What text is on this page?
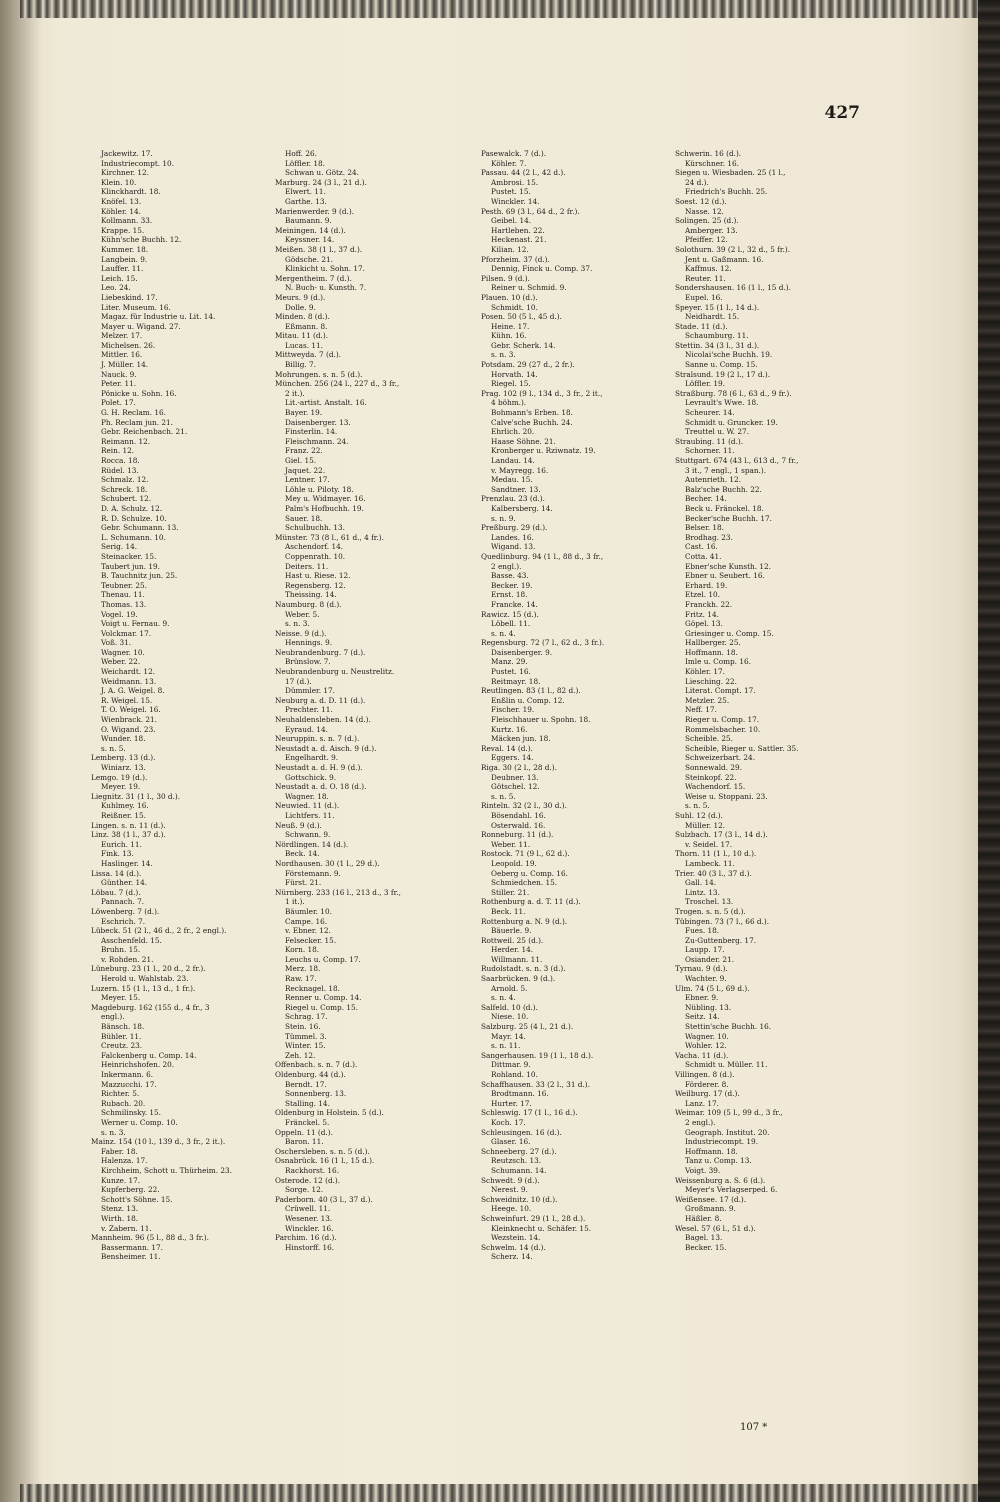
427
Jackewitz. 17.
Industriecompt. 10.
Kirchner. 12.
Klein. 10.
Klinckhardt. 18.
Knöfel. 13.
Köhler. 14.
Kollmann. 33.
Krappe. 15.
Kühn'sche Buchh. 12.
Kummer. 18.
Langbein. 9.
Lauffer. 11.
Leich. 15.
Leo. 24.
Liebeskind. 17.
Liter. Museum. 16.
Magaz. für Industrie u. Lit. 14.
Mayer u. Wigand. 27.
Melzer. 17.
Michelsen. 26.
Mittler. 16.
J. Müller. 14.
Nauck. 9.
Peter. 11.
Pönicke u. Sohn. 16.
Polet. 17.
G. H. Reclam. 16.
Ph. Reclam jun. 21.
Gebr. Reichenbach. 21.
Reimann. 12.
Rein. 12.
Rocca. 18.
Rüdel. 13.
Schmalz. 12.
Schreck. 18.
Schubert. 12.
D. A. Schulz. 12.
R. D. Schulze. 10.
Gebr. Schumann. 13.
L. Schumann. 10.
Serig. 14.
Steinacker. 15.
Taubert jun. 19.
B. Tauchnitz jun. 25.
Teubner. 25.
Thenau. 11.
Thomas. 13.
Vogel. 19.
Voigt u. Fernau. 9.
Volckmar. 17.
Voß. 31.
Wagner. 10.
Weber. 22.
Weichardt. 12.
Weidmann. 13.
J. A. G. Weigel. 8.
R. Weigel. 15.
T. O. Weigel. 16.
Wienbrack. 21.
O. Wigand. 23.
Wunder. 18.
s. n. 5.
Lemberg. 13 (d.).
Winiarz. 13.
Lemgo. 19 (d.).
Meyer. 19.
Liegnitz. 31 (1 l., 30 d.).
Kuhlmey. 16.
Reißner. 15.
Lingen. s. n. 11 (d.).
Linz. 38 (1 l., 37 d.).
Eurich. 11.
Fink. 13.
Haslinger. 14.
Lissa. 14 (d.).
Günther. 14.
Löbau. 7 (d.).
Pannach. 7.
Löwenberg. 7 (d.).
Eschrich. 7.
Lübeck. 51 (2 l., 46 d., 2 fr., 2 engl.).
Asschenfeld. 15.
Bruhn. 15.
v. Rohden. 21.
Lüneburg. 23 (1 l., 20 d., 2 fr.).
Herold u. Wahlstab. 23.
Luzern. 15 (1 l., 13 d., 1 fr.).
Meyer. 15.
Magdeburg. 162 (155 d., 4 fr., 3
engl.).
Bänsch. 18.
Bühler. 11.
Creutz. 23.
Falckenberg u. Comp. 14.
Heinrichshofen. 20.
Inkermann. 6.
Mazzucchi. 17.
Richter. 5.
Rubach. 20.
Schmilinsky. 15.
Werner u. Comp. 10.
s. n. 3.
Mainz. 154 (10 l., 139 d., 3 fr., 2 it.).
Faber. 18.
Halenza. 17.
Kirchheim, Schott u. Thürheim. 23.
Kunze. 17.
Kupferberg. 22.
Schott's Söhne. 15.
Stenz. 13.
Wirth. 18.
v. Zabern. 11.
Mannheim. 96 (5 l., 88 d., 3 fr.).
Bassermann. 17.
Bensheimer. 11.
Hoff. 26.
Löffler. 18.
Schwan u. Götz. 24.
Marburg. 24 (3 l., 21 d.).
Elwert. 11.
Garthe. 13.
Marienwerder. 9 (d.).
Baumann. 9.
Meiningen. 14 (d.).
Keyssner. 14.
Meißen. 38 (1 l., 37 d.).
Gödsche. 21.
Klinkicht u. Sohn. 17.
Mergentheim. 7 (d.).
N. Buch- u. Kunsth. 7.
Meurs. 9 (d.).
Dolle. 9.
Minden. 8 (d.).
Eßmann. 8.
Mitau. 11 (d.).
Lucas. 11.
Mittweyda. 7 (d.).
Billig. 7.
Mohrungen. s. n. 5 (d.).
München. 256 (24 l., 227 d., 3 fr.,
2 it.).
Lit.-artist. Anstalt. 16.
Bayer. 19.
Daisenberger. 13.
Finsterlin. 14.
Fleischmann. 24.
Franz. 22.
Giel. 15.
Jaquet. 22.
Lentner. 17.
Löhle u. Piloty. 18.
Mey u. Widmayer. 16.
Palm's Hofbuchh. 19.
Sauer. 18.
Schulbuchh. 13.
Münster. 73 (8 l., 61 d., 4 fr.).
Aschendorf. 14.
Coppenrath. 10.
Deiters. 11.
Hast u. Riese. 12.
Regensberg. 12.
Theissing. 14.
Naumburg. 8 (d.).
Weber. 5.
s. n. 3.
Neisse. 9 (d.).
Hennings. 9.
Neubrandenburg. 7 (d.).
Brünslow. 7.
Neubrandenburg u. Neustrelitz.
17 (d.).
Dümmler. 17.
Neuburg a. d. D. 11 (d.).
Prechter. 11.
Neuhaldensleben. 14 (d.).
Eyraud. 14.
Neuruppin. s. n. 7 (d.).
Neustadt a. d. Aisch. 9 (d.).
Engelhardt. 9.
Neustadt a. d. H. 9 (d.).
Gottschick. 9.
Neustadt a. d. O. 18 (d.).
Wagner. 18.
Neuwied. 11 (d.).
Lichtfers. 11.
Neuß. 9 (d.).
Schwann. 9.
Nördlingen. 14 (d.).
Beck. 14.
Nordhausen. 30 (1 l., 29 d.).
Förstemann. 9.
Fürst. 21.
Nürnberg. 233 (16 l., 213 d., 3 fr.,
1 it.).
Bäumler. 10.
Campe. 16.
v. Ebner. 12.
Felsecker. 15.
Korn. 18.
Leuchs u. Comp. 17.
Merz. 18.
Raw. 17.
Recknagel. 18.
Renner u. Comp. 14.
Riegel u. Comp. 15.
Schrag. 17.
Stein. 16.
Tümmel. 3.
Winter. 15.
Zeh. 12.
Offenbach. s. n. 7 (d.).
Oldenburg. 44 (d.).
Berndt. 17.
Sonnenberg. 13.
Stalling. 14.
Oldenburg in Holstein. 5 (d.).
Fränckel. 5.
Oppeln. 11 (d.).
Baron. 11.
Oschersleben. s. n. 5 (d.).
Osnabrück. 16 (1 l., 15 d.).
Rackhorst. 16.
Osterode. 12 (d.).
Sorge. 12.
Paderborn. 40 (3 l., 37 d.).
Crüwell. 11.
Wesener. 13.
Winckler. 16.
Parchim. 16 (d.).
Hinstorff. 16.
Pasewalck. 7 (d.).
Köhler. 7.
Passau. 44 (2 l., 42 d.).
Ambrosi. 15.
Pustet. 15.
Winckler. 14.
Pesth. 69 (3 l., 64 d., 2 fr.).
Geibel. 14.
Hartleben. 22.
Heckenast. 21.
Kilian. 12.
Pforzheim. 37 (d.).
Dennig, Finck u. Comp. 37.
Pilsen. 9 (d.).
Reiner u. Schmid. 9.
Plauen. 10 (d.).
Schmidt. 10.
Posen. 50 (5 l., 45 d.).
Heine. 17.
Kühn. 16.
Gebr. Scherk. 14.
s. n. 3.
Potsdam. 29 (27 d., 2 fr.).
Horvath. 14.
Riegel. 15.
Prag. 102 (9 l., 134 d., 3 fr., 2 it.,
4 böhm.).
Bohmann's Erben. 18.
Calve'sche Buchh. 24.
Ehrlich. 20.
Haase Söhne. 21.
Kronberger u. Rziwnatz. 19.
Landau. 14.
v. Mayregg. 16.
Medau. 15.
Sandtner. 13.
Prenzlau. 23 (d.).
Kalbersberg. 14.
s. n. 9.
Preßburg. 29 (d.).
Landes. 16.
Wigand. 13.
Quedlinburg. 94 (1 l., 88 d., 3 fr.,
2 engl.).
Basse. 43.
Becker. 19.
Ernst. 18.
Francke. 14.
Rawicz. 15 (d.).
Löbell. 11.
s. n. 4.
Regensburg. 72 (7 l., 62 d., 3 fr.).
Daisenberger. 9.
Manz. 29.
Pustet. 16.
Reitmayr. 18.
Reutlingen. 83 (1 l., 82 d.).
Enßlin u. Comp. 12.
Fischer. 19.
Fleischhauer u. Spohn. 18.
Kurtz. 16.
Mäcken jun. 18.
Reval. 14 (d.).
Eggers. 14.
Riga. 30 (2 l., 28 d.).
Deubner. 13.
Götschel. 12.
s. n. 5.
Rinteln. 32 (2 l., 30 d.).
Bösendahl. 16.
Osterwald. 16.
Ronneburg. 11 (d.).
Weber. 11.
Rostock. 71 (9 l., 62 d.).
Leopold. 19.
Oeberg u. Comp. 16.
Schmiedchen. 15.
Stiller. 21.
Rothenburg a. d. T. 11 (d.).
Beck. 11.
Rottenburg a. N. 9 (d.).
Bäuerle. 9.
Rottweil. 25 (d.).
Herder. 14.
Willmann. 11.
Rudolstadt. s. n. 3 (d.).
Saarbrücken. 9 (d.).
Arnold. 5.
s. n. 4.
Salfeld. 10 (d.).
Niese. 10.
Salzburg. 25 (4 l., 21 d.).
Mayr. 14.
s. n. 11.
Sangerhausen. 19 (1 l., 18 d.).
Dittmar. 9.
Rohland. 10.
Schaffhausen. 33 (2 l., 31 d.).
Brodtmann. 16.
Hurter. 17.
Schleswig. 17 (1 l., 16 d.).
Koch. 17.
Schleusingen. 16 (d.).
Glaser. 16.
Schneeberg. 27 (d.).
Reutzsch. 13.
Schumann. 14.
Schwedt. 9 (d.).
Nerest. 9.
Schweidnitz. 10 (d.).
Heege. 10.
Schweinfurt. 29 (1 l., 28 d.).
Kleinknecht u. Schäfer. 15.
Wezstein. 14.
Schwelm. 14 (d.).
Scherz. 14.
Schwerin. 16 (d.).
Kürschner. 16.
Siegen u. Wiesbaden. 25 (1 l.,
24 d.).
Friedrich's Buchh. 25.
Soest. 12 (d.).
Nasse. 12.
Solingen. 25 (d.).
Amberger. 13.
Pfeiffer. 12.
Solothurn. 39 (2 l., 32 d., 5 fr.).
Jent u. Gaßmann. 16.
Kaffmus. 12.
Reuter. 11.
Sondershausen. 16 (1 l., 15 d.).
Eupel. 16.
Speyer. 15 (1 l., 14 d.).
Neidhardt. 15.
Stade. 11 (d.).
Schaumburg. 11.
Stettin. 34 (3 l., 31 d.).
Nicolai'sche Buchh. 19.
Sanne u. Comp. 15.
Stralsund. 19 (2 l., 17 d.).
Löffler. 19.
Straßburg. 78 (6 l., 63 d., 9 fr.).
Levrault's Wwe. 18.
Scheurer. 14.
Schmidt u. Gruncker. 19.
Treuttel u. W. 27.
Straubing. 11 (d.).
Schorner. 11.
Stuttgart. 674 (43 l., 613 d., 7 fr.,
3 it., 7 engl., 1 span.).
Autenrieth. 12.
Balz'sche Buchh. 22.
Becher. 14.
Beck u. Fränckel. 18.
Becker'sche Buchh. 17.
Belser. 18.
Brodhag. 23.
Cast. 16.
Cotta. 41.
Ebner'sche Kunsth. 12.
Ebner u. Seubert. 16.
Erhard. 19.
Etzel. 10.
Franckh. 22.
Fritz. 14.
Göpel. 13.
Griesinger u. Comp. 15.
Hallberger. 25.
Hoffmann. 18.
Imle u. Comp. 16.
Köhler. 17.
Liesching. 22.
Literat. Compt. 17.
Metzler. 25.
Neff. 17.
Rieger u. Comp. 17.
Rommelsbacher. 10.
Scheible. 25.
Scheible, Rieger u. Sattler. 35.
Schweizerbart. 24.
Sonnewald. 29.
Steinkopf. 22.
Wachendorf. 15.
Weise u. Stoppani. 23.
s. n. 5.
Suhl. 12 (d.).
Müller. 12.
Sulzbach. 17 (3 l., 14 d.).
v. Seidel. 17.
Thorn. 11 (1 l., 10 d.).
Lambeck. 11.
Trier. 40 (3 l., 37 d.).
Gall. 14.
Lintz. 13.
Troschel. 13.
Trogen. s. n. 5 (d.).
Tübingen. 73 (7 l., 66 d.).
Fues. 18.
Zu-Guttenberg. 17.
Laupp. 17.
Osiander. 21.
Tyrnau. 9 (d.).
Wachter. 9.
Ulm. 74 (5 l., 69 d.).
Ebner. 9.
Nübling. 13.
Seitz. 14.
Stettin'sche Buchh. 16.
Wagner. 10.
Wohler. 12.
Vacha. 11 (d.).
Schmidt u. Müller. 11.
Villingen. 8 (d.).
Förderer. 8.
Weilburg. 17 (d.).
Lanz. 17.
Weimar. 109 (5 l., 99 d., 3 fr.,
2 engl.).
Geograph. Institut. 20.
Industriecompt. 19.
Hoffmann. 18.
Tanz u. Comp. 13.
Voigt. 39.
Weissenburg a. S. 6 (d.).
Meyer's Verlagserped. 6.
Weißensee. 17 (d.).
Großmann. 9.
Häßler. 8.
Wesel. 57 (6 l., 51 d.).
Bagel. 13.
Becker. 15.
107 *
